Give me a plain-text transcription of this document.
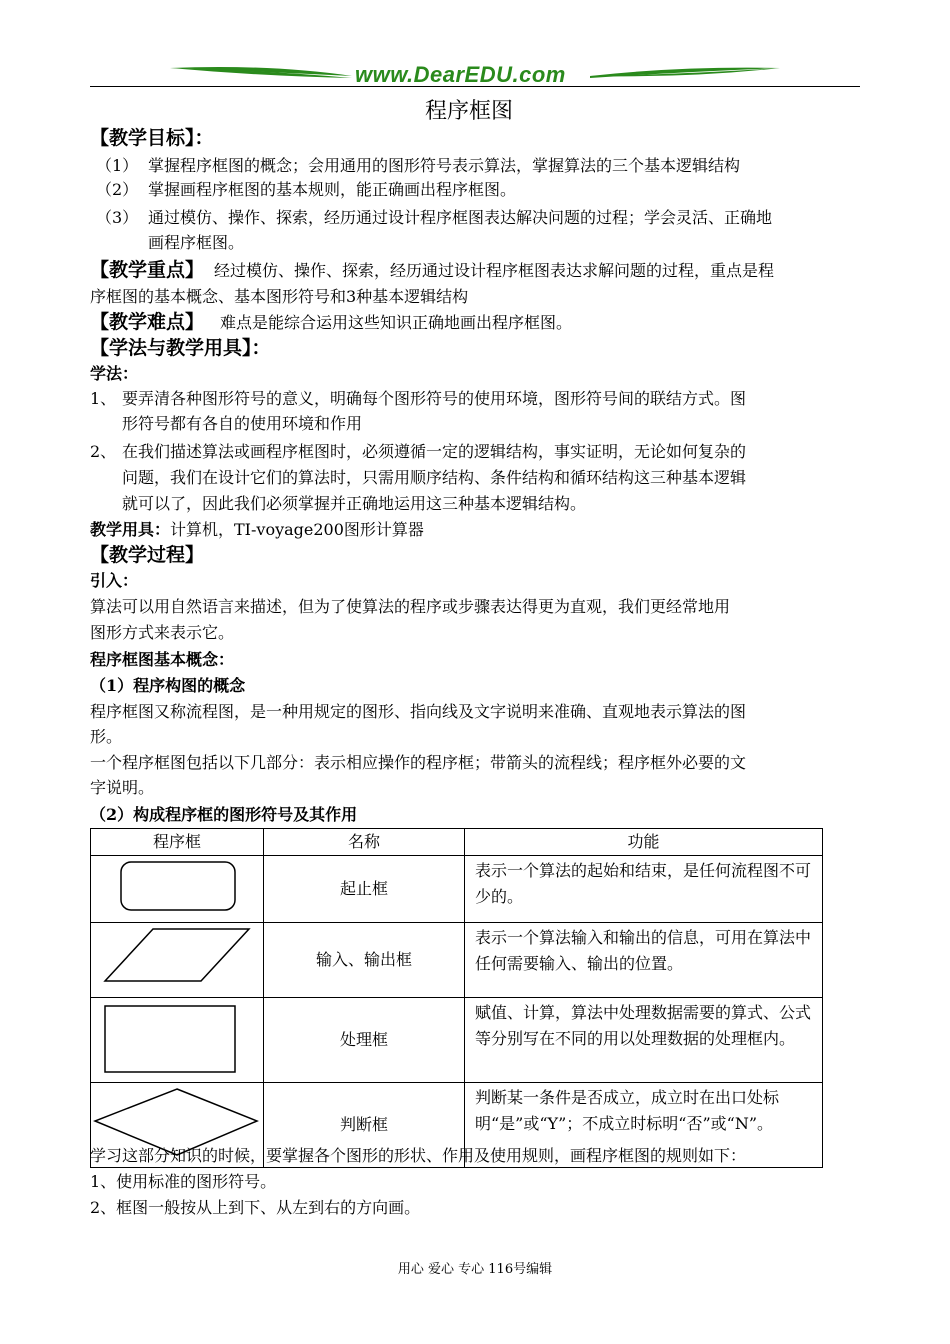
www.DearEDU.com
程序框图
【教学目标】：
（1） 掌握程序框图的概念；会用通用的图形符号表示算法，掌握算法的三个基本逻辑结构
（2） 掌握画程序框图的基本规则，能正确画出程序框图。
（3） 通过模仿、操作、探索，经历通过设计程序框图表达解决问题的过程；学会灵活、正确地
画程序框图。
【教学重点】 经过模仿、操作、探索，经历通过设计程序框图表达求解问题的过程，重点是程
序框图的基本概念、基本图形符号和3种基本逻辑结构
【教学难点】 难点是能综合运用这些知识正确地画出程序框图。
【学法与教学用具】：
学法：
1、 要弄清各种图形符号的意义，明确每个图形符号的使用环境，图形符号间的联结方式。图
形符号都有各自的使用环境和作用
2、 在我们描述算法或画程序框图时，必须遵循一定的逻辑结构，事实证明，无论如何复杂的
问题，我们在设计它们的算法时，只需用顺序结构、条件结构和循环结构这三种基本逻辑
就可以了，因此我们必须掌握并正确地运用这三种基本逻辑结构。
教学用具： 计算机，TI-voyage200图形计算器
【教学过程】
引入：
算法可以用自然语言来描述，但为了使算法的程序或步骤表达得更为直观，我们更经常地用
图形方式来表示它。
程序框图基本概念：
（1）程序构图的概念
程序框图又称流程图，是一种用规定的图形、指向线及文字说明来准确、直观地表示算法的图
形。
一个程序框图包括以下几部分：表示相应操作的程序框；带箭头的流程线；程序框外必要的文
字说明。
（2）构成程序框的图形符号及其作用
程序框	名称	功能
	起止框	表示一个算法的起始和结束，是任何流程图不可少的。
	输入、输出框	表示一个算法输入和输出的信息，可用在算法中任何需要输入、输出的位置。
	处理框	赋值、计算，算法中处理数据需要的算式、公式等分别写在不同的用以处理数据的处理框内。
	判断框	判断某一条件是否成立，成立时在出口处标明“是”或“Y”；不成立时标明“否”或“N”。
学习这部分知识的时候，要掌握各个图形的形状、作用及使用规则，画程序框图的规则如下：
1、使用标准的图形符号。
2、框图一般按从上到下、从左到右的方向画。
用心 爱心 专心 116号编辑
